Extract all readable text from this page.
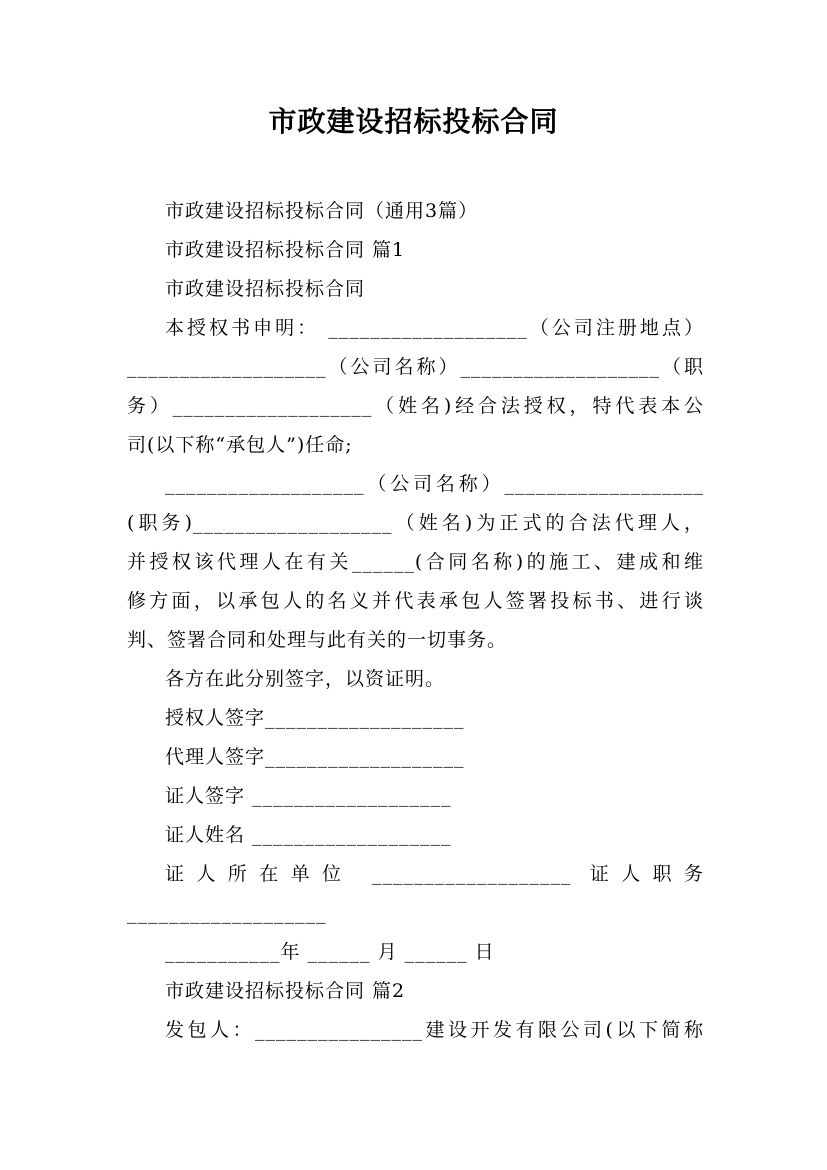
市政建设招标投标合同
市政建设招标投标合同（通用3篇）
市政建设招标投标合同 篇1
市政建设招标投标合同
本授权书申明： ___________________（公司注册地点）
___________________（公司名称）___________________（职
务）___________________（姓名)经合法授权，特代表本公
司(以下称“承包人”)任命;
___________________（公司名称）___________________
(职务)___________________（姓名)为正式的合法代理人，
并授权该代理人在有关______(合同名称)的施工、建成和维
修方面，以承包人的名义并代表承包人签署投标书、进行谈
判、签署合同和处理与此有关的一切事务。
各方在此分别签字，以资证明。
授权人签字___________________
代理人签字___________________
证人签字 ___________________
证人姓名 ___________________
证人所在单位 ___________________ 证人职务
___________________
___________年 ______ 月 ______ 日
市政建设招标投标合同 篇2
发包人：________________建设开发有限公司(以下简称
